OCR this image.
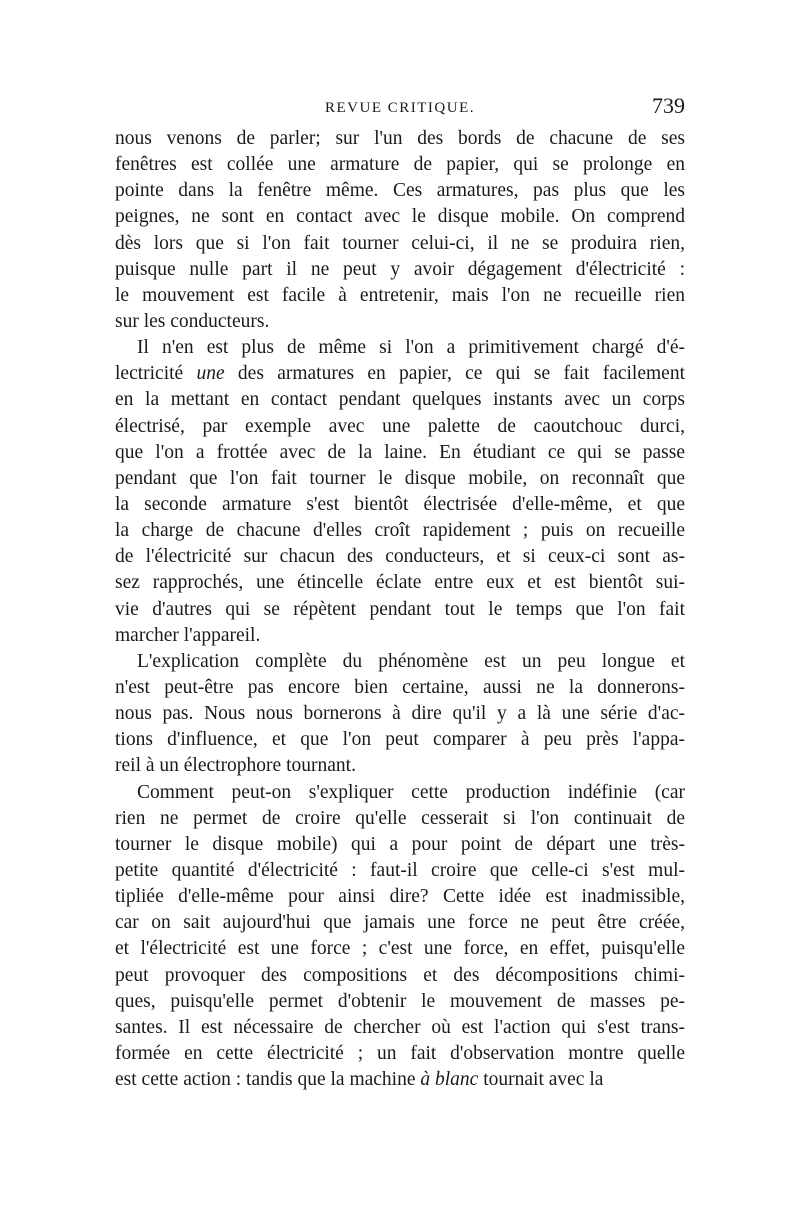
REVUE CRITIQUE.	739
nous venons de parler; sur l'un des bords de chacune de ses
fenêtres est collée une armature de papier, qui se prolonge en
pointe dans la fenêtre même. Ces armatures, pas plus que les
peignes, ne sont en contact avec le disque mobile. On comprend
dès lors que si l'on fait tourner celui-ci, il ne se produira rien,
puisque nulle part il ne peut y avoir dégagement d'électricité :
le mouvement est facile à entretenir, mais l'on ne recueille rien
sur les conducteurs.
Il n'en est plus de même si l'on a primitivement chargé d'é-
lectricité une des armatures en papier, ce qui se fait facilement
en la mettant en contact pendant quelques instants avec un corps
électrisé, par exemple avec une palette de caoutchouc durci,
que l'on a frottée avec de la laine. En étudiant ce qui se passe
pendant que l'on fait tourner le disque mobile, on reconnaît que
la seconde armature s'est bientôt électrisée d'elle-même, et que
la charge de chacune d'elles croît rapidement ; puis on recueille
de l'électricité sur chacun des conducteurs, et si ceux-ci sont as-
sez rapprochés, une étincelle éclate entre eux et est bientôt sui-
vie d'autres qui se répètent pendant tout le temps que l'on fait
marcher l'appareil.
L'explication complète du phénomène est un peu longue et
n'est peut-être pas encore bien certaine, aussi ne la donnerons-
nous pas. Nous nous bornerons à dire qu'il y a là une série d'ac-
tions d'influence, et que l'on peut comparer à peu près l'appa-
reil à un électrophore tournant.
Comment peut-on s'expliquer cette production indéfinie (car
rien ne permet de croire qu'elle cesserait si l'on continuait de
tourner le disque mobile) qui a pour point de départ une très-
petite quantité d'électricité : faut-il croire que celle-ci s'est mul-
tipliée d'elle-même pour ainsi dire? Cette idée est inadmissible,
car on sait aujourd'hui que jamais une force ne peut être créée,
et l'électricité est une force ; c'est une force, en effet, puisqu'elle
peut provoquer des compositions et des décompositions chimi-
ques, puisqu'elle permet d'obtenir le mouvement de masses pe-
santes. Il est nécessaire de chercher où est l'action qui s'est trans-
formée en cette électricité ; un fait d'observation montre quelle
est cette action : tandis que la machine à blanc tournait avec la
